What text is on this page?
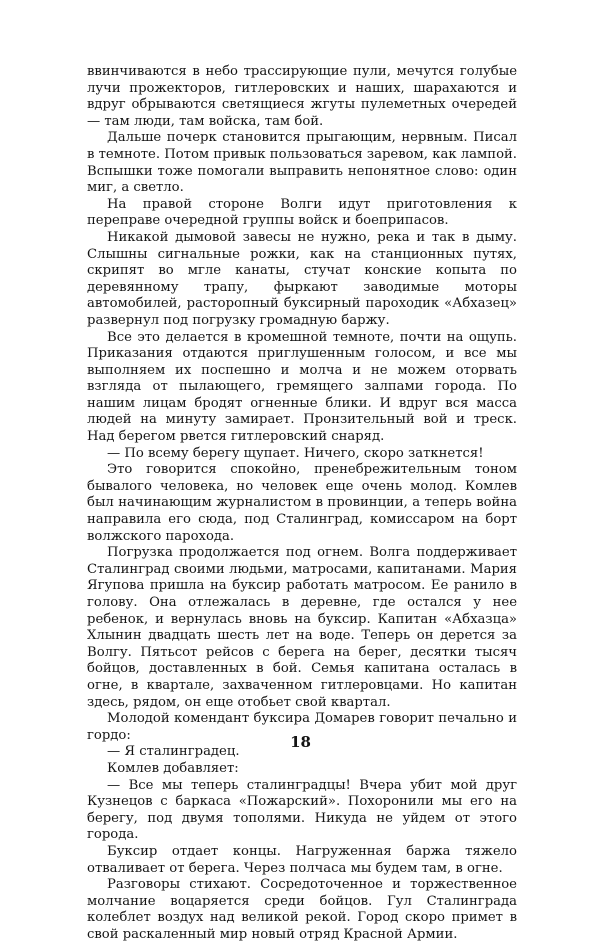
ввинчиваются в небо трассирующие пули, мечутся голубые лучи прожекторов, гитлеровских и наших, шарахаются и вдруг обрываются светящиеся жгуты пулеметных очередей — там люди, там войска, там бой.

Дальше почерк становится прыгающим, нервным. Писал в темноте. Потом привык пользоваться заревом, как лампой. Вспышки тоже помогали выправить непонятное слово: один миг, а светло.

На правой стороне Волги идут приготовления к переправе очередной группы войск и боеприпасов.

Никакой дымовой завесы не нужно, река и так в дыму. Слышны сигнальные рожки, как на станционных путях, скрипят во мгле канаты, стучат конские копыта по деревянному трапу, фыркают заводимые моторы автомобилей, расторопный буксирный пароходик «Абхазец» развернул под погрузку громадную баржу.

Все это делается в кромешной темноте, почти на ощупь. Приказания отдаются приглушенным голосом, и все мы выполняем их поспешно и молча и не можем оторвать взгляда от пылающего, гремящего залпами города. По нашим лицам бродят огненные блики. И вдруг вся масса людей на минуту замирает. Пронзительный вой и треск. Над берегом рвется гитлеровский снаряд.

— По всему берегу щупает. Ничего, скоро заткнется!

Это говорится спокойно, пренебрежительным тоном бывалого человека, но человек еще очень молод. Комлев был начинающим журналистом в провинции, а теперь война направила его сюда, под Сталинград, комиссаром на борт волжского парохода.

Погрузка продолжается под огнем. Волга поддерживает Сталинград своими людьми, матросами, капитанами. Мария Ягупова пришла на буксир работать матросом. Ее ранило в голову. Она отлежалась в деревне, где остался у нее ребенок, и вернулась вновь на буксир. Капитан «Абхазца» Хлынин двадцать шесть лет на воде. Теперь он дерется за Волгу. Пятьсот рейсов с берега на берег, десятки тысяч бойцов, доставленных в бой. Семья капитана осталась в огне, в квартале, захваченном гитлеровцами. Но капитан здесь, рядом, он еще отобьет свой квартал.

Молодой комендант буксира Домарев говорит печально и гордо:

— Я сталинградец.

Комлев добавляет:

— Все мы теперь сталинградцы! Вчера убит мой друг Кузнецов с баркаса «Пожарский». Похоронили мы его на берегу, под двумя тополями. Никуда не уйдем от этого города.

Буксир отдает концы. Нагруженная баржа тяжело отваливает от берега. Через полчаса мы будем там, в огне.

Разговоры стихают. Сосредоточенное и торжественное молчание воцаряется среди бойцов. Гул Сталинграда колеблет воздух над великой рекой. Город скоро примет в свой раскаленный мир новый отряд Красной Армии.

18
